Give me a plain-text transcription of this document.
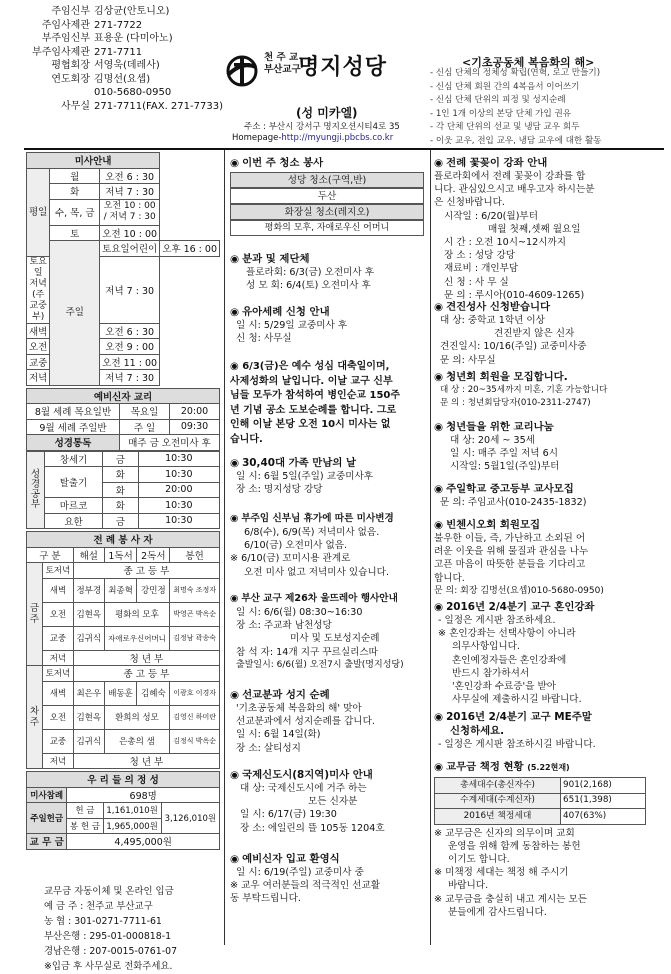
주임신부 김상균(안토니오)
주임사제관 271-7722
부주임신부 표용운 (다미아노)
부주임사제관 271-7711
평협회장 서영욱(데레사)
연도회장 김명선(요셉)
010-5680-0950
사무실 271-7711(FAX. 271-7733)
천 주 교
부산교구
명지성당
(성 미카엘)
주소 : 부산시 강서구 명지오션시티4로 35
Homepage-http://myungji.pbcbs.co.kr
<기초공동체 복음화의 해>
- 신심 단체의 정체성 확립(연혁, 로고 만들기)
- 신심 단체 회원 간의 4복음서 이어쓰기
- 신심 단체 단위의 피정 및 성지순례
- 1인 1개 이상의 본당 단체 가입 권유
- 각 단체 단위의 선교 및 냉담 교우 회두
- 이웃 교우, 전입 교우, 냉담 교우에 대한 활동
미사안내			
평일	월	오전 6 : 30	
	화	저녁 7 : 30	
	수, 목, 금	오전 10 : 00 / 저녁 7 : 30	
	토	오전 10 : 00	
	주일	토요일어린이	오후 16 : 00
토요일 저녁 (주교중부)		저녁 7 : 30	
새벽		오전 6 : 30	
오전		오전 9 : 00	
교중		오전 11 : 00	
저녁		저녁 7 : 30	
예비신자 교리		
8월 세례 목요일반	목요일	20:00
9월 세례 주일반	주 일	09:30
성경통독	매주 금 오전미사 후	
성경공부	창세기	금	10:30
	탈출기	화	10:30
		화	20:00
	마르코	화	10:30
	요한	금	10:30
전 례 봉 사 자					
구 분		해설	1독서	2독서	봉헌
금주	토저녁	종 고 등 부			
	새벽	정부경	최종혁	강민정	최명숙 조정자
	오전	김현옥	평화의 모후		박영곤 박옥순
	교중	김귀식	자애로우신어머니		김정남 곽송숙
	저녁	청 년 부			
차주	토저녁	종 고 등 부			
	새벽	최은우	배동훈	김혜숙	이광호 이경자
	오전	김현옥	환희의 성모		김영신 하미란
	교중	김귀식	은총의 샘		김정식 박옥순
	저녁	청 년 부			
우 리 들 의 정 성			
미사참례	698명		
주일헌금	헌 금	1,161,010원	3,126,010원
	봉 헌 금	1,965,000원	
교 무 금	4,495,000원		
교무금 자동이체 및 온라인 입금
예 금 주 : 천주교 부산교구
농 협 : 301-0271-7711-61
부산은행 : 295-01-000818-1
경남은행 : 207-0015-0761-07
※입금 후 사무실로 전화주세요.
◉ 이번 주 청소 봉사
성당 청소(구역,반)
두산
화장실 청소(레지오)
평화의 모후, 자애로우신 어머니
◉ 분과 및 제단체
플로라회: 6/3(금) 오전미사 후
성 모 회: 6/4(토) 오전미사 후
◉ 유아세례 신청 안내
일 시: 5/29일 교중미사 후
신 청: 사무실
◉ 6/3(금)은 예수 성심 대축일이며,
사제성화의 날입니다. 이날 교구 신부
님들 모두가 참석하여 병인순교 150주
년 기념 공소 도보순례를 합니다. 그로
인해 이날 본당 오전 10시 미사는 없
습니다.
◉ 30,40대 가족 만남의 날
일 시: 6월 5일(주일) 교중미사후
장 소: 명지성당 강당
◉ 부주임 신부님 휴가에 따른 미사변경
6/8(수), 6/9(목) 저녁미사 없음.
6/10(금) 오전미사 없음.
※ 6/10(금) 꼬미시용 관계로
오전 미사 없고 저녁미사 있습니다.
◉ 부산 교구 제26차 울뜨레아 행사안내
일 시: 6/6(월) 08:30~16:30
장 소: 주교좌 남천성당
미사 및 도보성지순례
참 석 자: 14개 지구 꾸르실리스따
출발일시: 6/6(월) 오전7시 출발(명지성당)
◉ 선교분과 성지 순례
'기초공동체 복음화의 해' 맞아
선교분과에서 성지순례를 갑니다.
일 시: 6월 14일(화)
장 소: 살티성지
◉ 국제신도시(8지역)미사 안내
대 상: 국제신도시에 거주 하는
모든 신자분
일 시: 6/17(금) 19:30
장 소: 에일린의 뜰 105동 1204호
◉ 예비신자 입교 환영식
일 시: 6/19(주일) 교중미사 중
※ 교우 여러분들의 적극적인 선교활
동 부탁드립니다.
◉ 전례 꽃꽂이 강좌 안내
플로라회에서 전례 꽃꽂이 강좌를 합
니다. 관심있으시고 배우고자 하시는분
은 신청바랍니다.
시작일 : 6/20(월)부터
매월 첫째,셋째 월요일
시 간 : 오전 10시~12시까지
장 소 : 성당 강당
재료비 : 개인부담
신 청 : 사 무 실
문 의 : 루시아(010-4609-1265)
◉ 견진성사 신청받습니다
대 상: 중학교 1학년 이상
견진받지 않은 신자
견진일시: 10/16(주일) 교중미사중
문 의: 사무실
◉ 청년회 회원을 모집합니다.
대 상 : 20~35세까지 미혼, 기혼 가능합니다
문 의 : 청년회담당자(010-2311-2747)
◉ 청년들을 위한 교리나눔
대 상: 20세 ~ 35세
일 시: 매주 주일 저녁 6시
시작일: 5월1일(주일)부터
◉ 주일학교 중고등부 교사모집
문 의: 주임교사(010-2435-1832)
◉ 빈첸시오회 회원모집
불우한 이들, 즉, 가난하고 소외된 어
려운 이웃을 위해 물질과 관심을 나누
고픈 마음이 따뜻한 분들을 기다리고
합니다.
문 의: 회장 김명선(요셉)010-5680-0950)
◉ 2016년 2/4분기 교구 혼인강좌
- 일정은 게시판 참조하세요.
※ 혼인강좌는 선택사항이 아니라
의무사항입니다.
혼인예정자들은 혼인강좌에
반드시 참가하셔서
'혼인강좌 수료증'을 받아
사무실에 제출하시길 바랍니다.
◉ 2016년 2/4분기 교구 ME주말
신청하세요.
- 일정은 게시판 참조하시길 바랍니다.
◉ 교무금 책정 현황 (5.22현재)
총세대수(총신자수)	901(2,168)
수계세대(수계신자)	651(1,398)
2016년 책정세대	407(63%)
※ 교무금은 신자의 의무이며 교회
운영을 위해 함께 동참하는 봉헌
이기도 합니다.
※ 미책정 세대는 책정 해 주시기
바랍니다.
※ 교무금을 충실히 내고 계시는 모든
분들에게 감사드립니다.
